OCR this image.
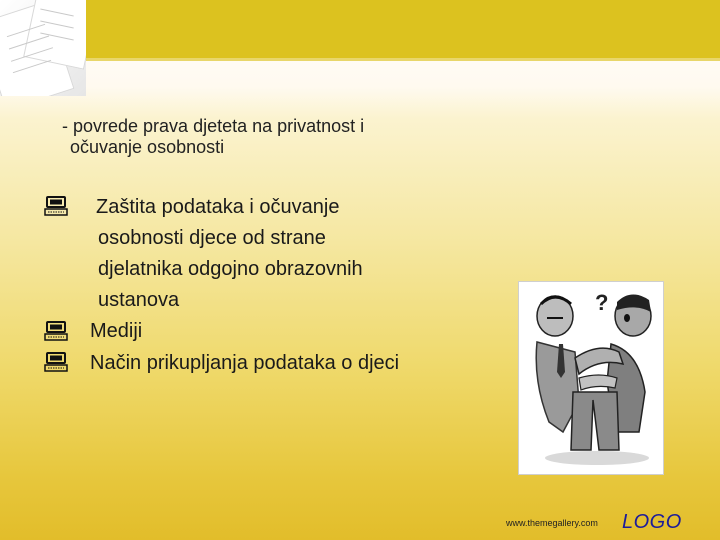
- povrede prava djeteta na privatnost i
očuvanje osobnosti
Zaštita podataka i očuvanje
osobnosti djece od strane
djelatnika odgojno obrazovnih
ustanova
Mediji
Način prikupljanja podataka o djeci
?
www.themegallery.com LOGO
